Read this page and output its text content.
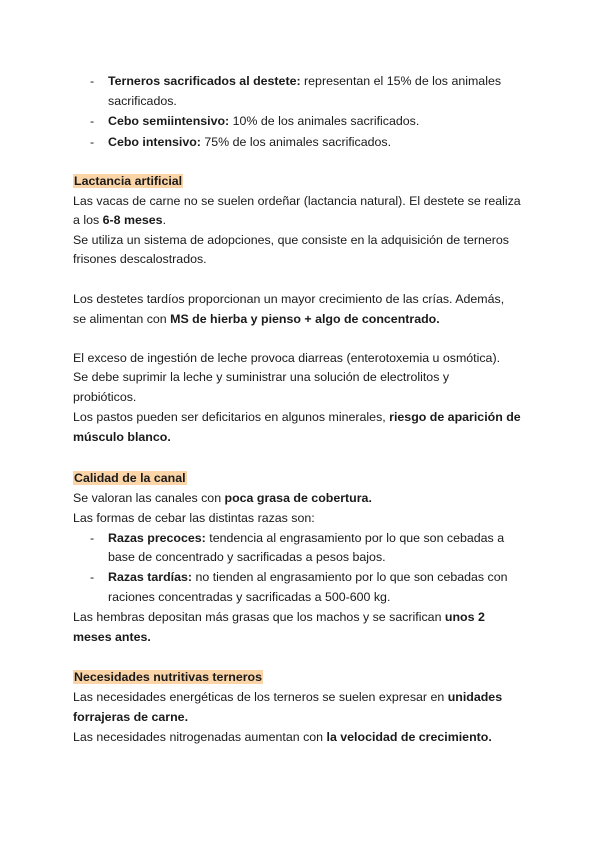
- Terneros sacrificados al destete: representan el 15% de los animales
sacrificados.
- Cebo semiintensivo: 10% de los animales sacrificados.
- Cebo intensivo: 75% de los animales sacrificados.
Lactancia artificial
Las vacas de carne no se suelen ordeñar (lactancia natural). El destete se realiza
a los 6-8 meses.
Se utiliza un sistema de adopciones, que consiste en la adquisición de terneros
frisones descalostrados.
Los destetes tardíos proporcionan un mayor crecimiento de las crías. Además,
se alimentan con MS de hierba y pienso + algo de concentrado.
El exceso de ingestión de leche provoca diarreas (enterotoxemia u osmótica).
Se debe suprimir la leche y suministrar una solución de electrolitos y
probióticos.
Los pastos pueden ser deficitarios en algunos minerales, riesgo de aparición de
músculo blanco.
Calidad de la canal
Se valoran las canales con poca grasa de cobertura.
Las formas de cebar las distintas razas son:
- Razas precoces: tendencia al engrasamiento por lo que son cebadas a
base de concentrado y sacrificadas a pesos bajos.
- Razas tardías: no tienden al engrasamiento por lo que son cebadas con
raciones concentradas y sacrificadas a 500-600 kg.
Las hembras depositan más grasas que los machos y se sacrifican unos 2
meses antes.
Necesidades nutritivas terneros
Las necesidades energéticas de los terneros se suelen expresar en unidades
forrajeras de carne.
Las necesidades nitrogenadas aumentan con la velocidad de crecimiento.
